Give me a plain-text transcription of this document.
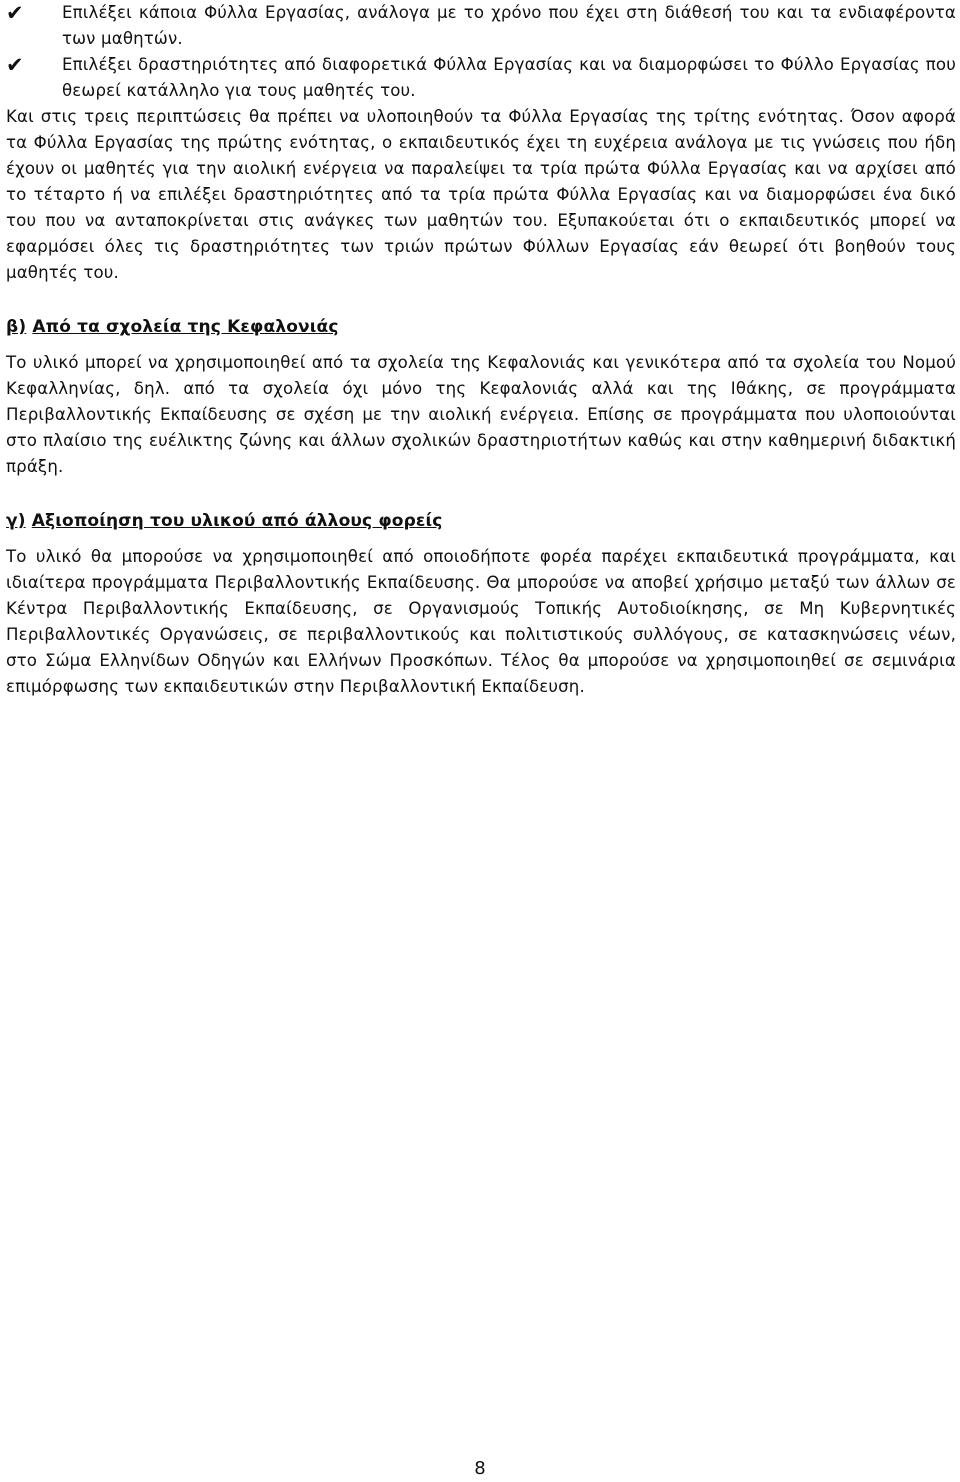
✔	Επιλέξει κάποια Φύλλα Εργασίας, ανάλογα με το χρόνο που έχει στη διάθεσή του και τα ενδιαφέροντα των μαθητών.
✔	Επιλέξει δραστηριότητες από διαφορετικά Φύλλα Εργασίας και να διαμορφώσει το Φύλλο Εργασίας που θεωρεί κατάλληλο για τους μαθητές του.

Και στις τρεις περιπτώσεις θα πρέπει να υλοποιηθούν τα Φύλλα Εργασίας της τρίτης ενότητας. Όσον αφορά τα Φύλλα Εργασίας της πρώτης ενότητας, ο εκπαιδευτικός έχει τη ευχέρεια ανάλογα με τις γνώσεις που ήδη έχουν οι μαθητές για την αιολική ενέργεια να παραλείψει τα τρία πρώτα Φύλλα Εργασίας και να αρχίσει από το τέταρτο ή να επιλέξει δραστηριότητες από τα τρία πρώτα Φύλλα Εργασίας και να διαμορφώσει ένα δικό του που να ανταποκρίνεται στις ανάγκες των μαθητών του. Εξυπακούεται ότι ο εκπαιδευτικός μπορεί να εφαρμόσει όλες τις δραστηριότητες των τριών πρώτων Φύλλων Εργασίας εάν θεωρεί ότι βοηθούν τους μαθητές του.

β) Από τα σχολεία της Κεφαλονιάς

Το υλικό μπορεί να χρησιμοποιηθεί από τα σχολεία της Κεφαλονιάς και γενικότερα από τα σχολεία του Νομού Κεφαλληνίας, δηλ. από τα σχολεία όχι μόνο της Κεφαλονιάς αλλά και της Ιθάκης, σε προγράμματα Περιβαλλοντικής Εκπαίδευσης σε σχέση με την αιολική ενέργεια. Επίσης σε προγράμματα που υλοποιούνται στο πλαίσιο της ευέλικτης ζώνης και άλλων σχολικών δραστηριοτήτων καθώς και στην καθημερινή διδακτική πράξη.

γ) Αξιοποίηση του υλικού από άλλους φορείς

Το υλικό θα μπορούσε να χρησιμοποιηθεί από οποιοδήποτε φορέα παρέχει εκπαιδευτικά προγράμματα, και ιδιαίτερα προγράμματα Περιβαλλοντικής Εκπαίδευσης. Θα μπορούσε να αποβεί χρήσιμο μεταξύ των άλλων σε Κέντρα Περιβαλλοντικής Εκπαίδευσης, σε Οργανισμούς Τοπικής Αυτοδιοίκησης, σε Μη Κυβερνητικές Περιβαλλοντικές Οργανώσεις, σε περιβαλλοντικούς και πολιτιστικούς συλλόγους, σε κατασκηνώσεις νέων, στο Σώμα Ελληνίδων Οδηγών και Ελλήνων Προσκόπων. Τέλος θα μπορούσε να χρησιμοποιηθεί σε σεμινάρια επιμόρφωσης των εκπαιδευτικών στην Περιβαλλοντική Εκπαίδευση.

8
